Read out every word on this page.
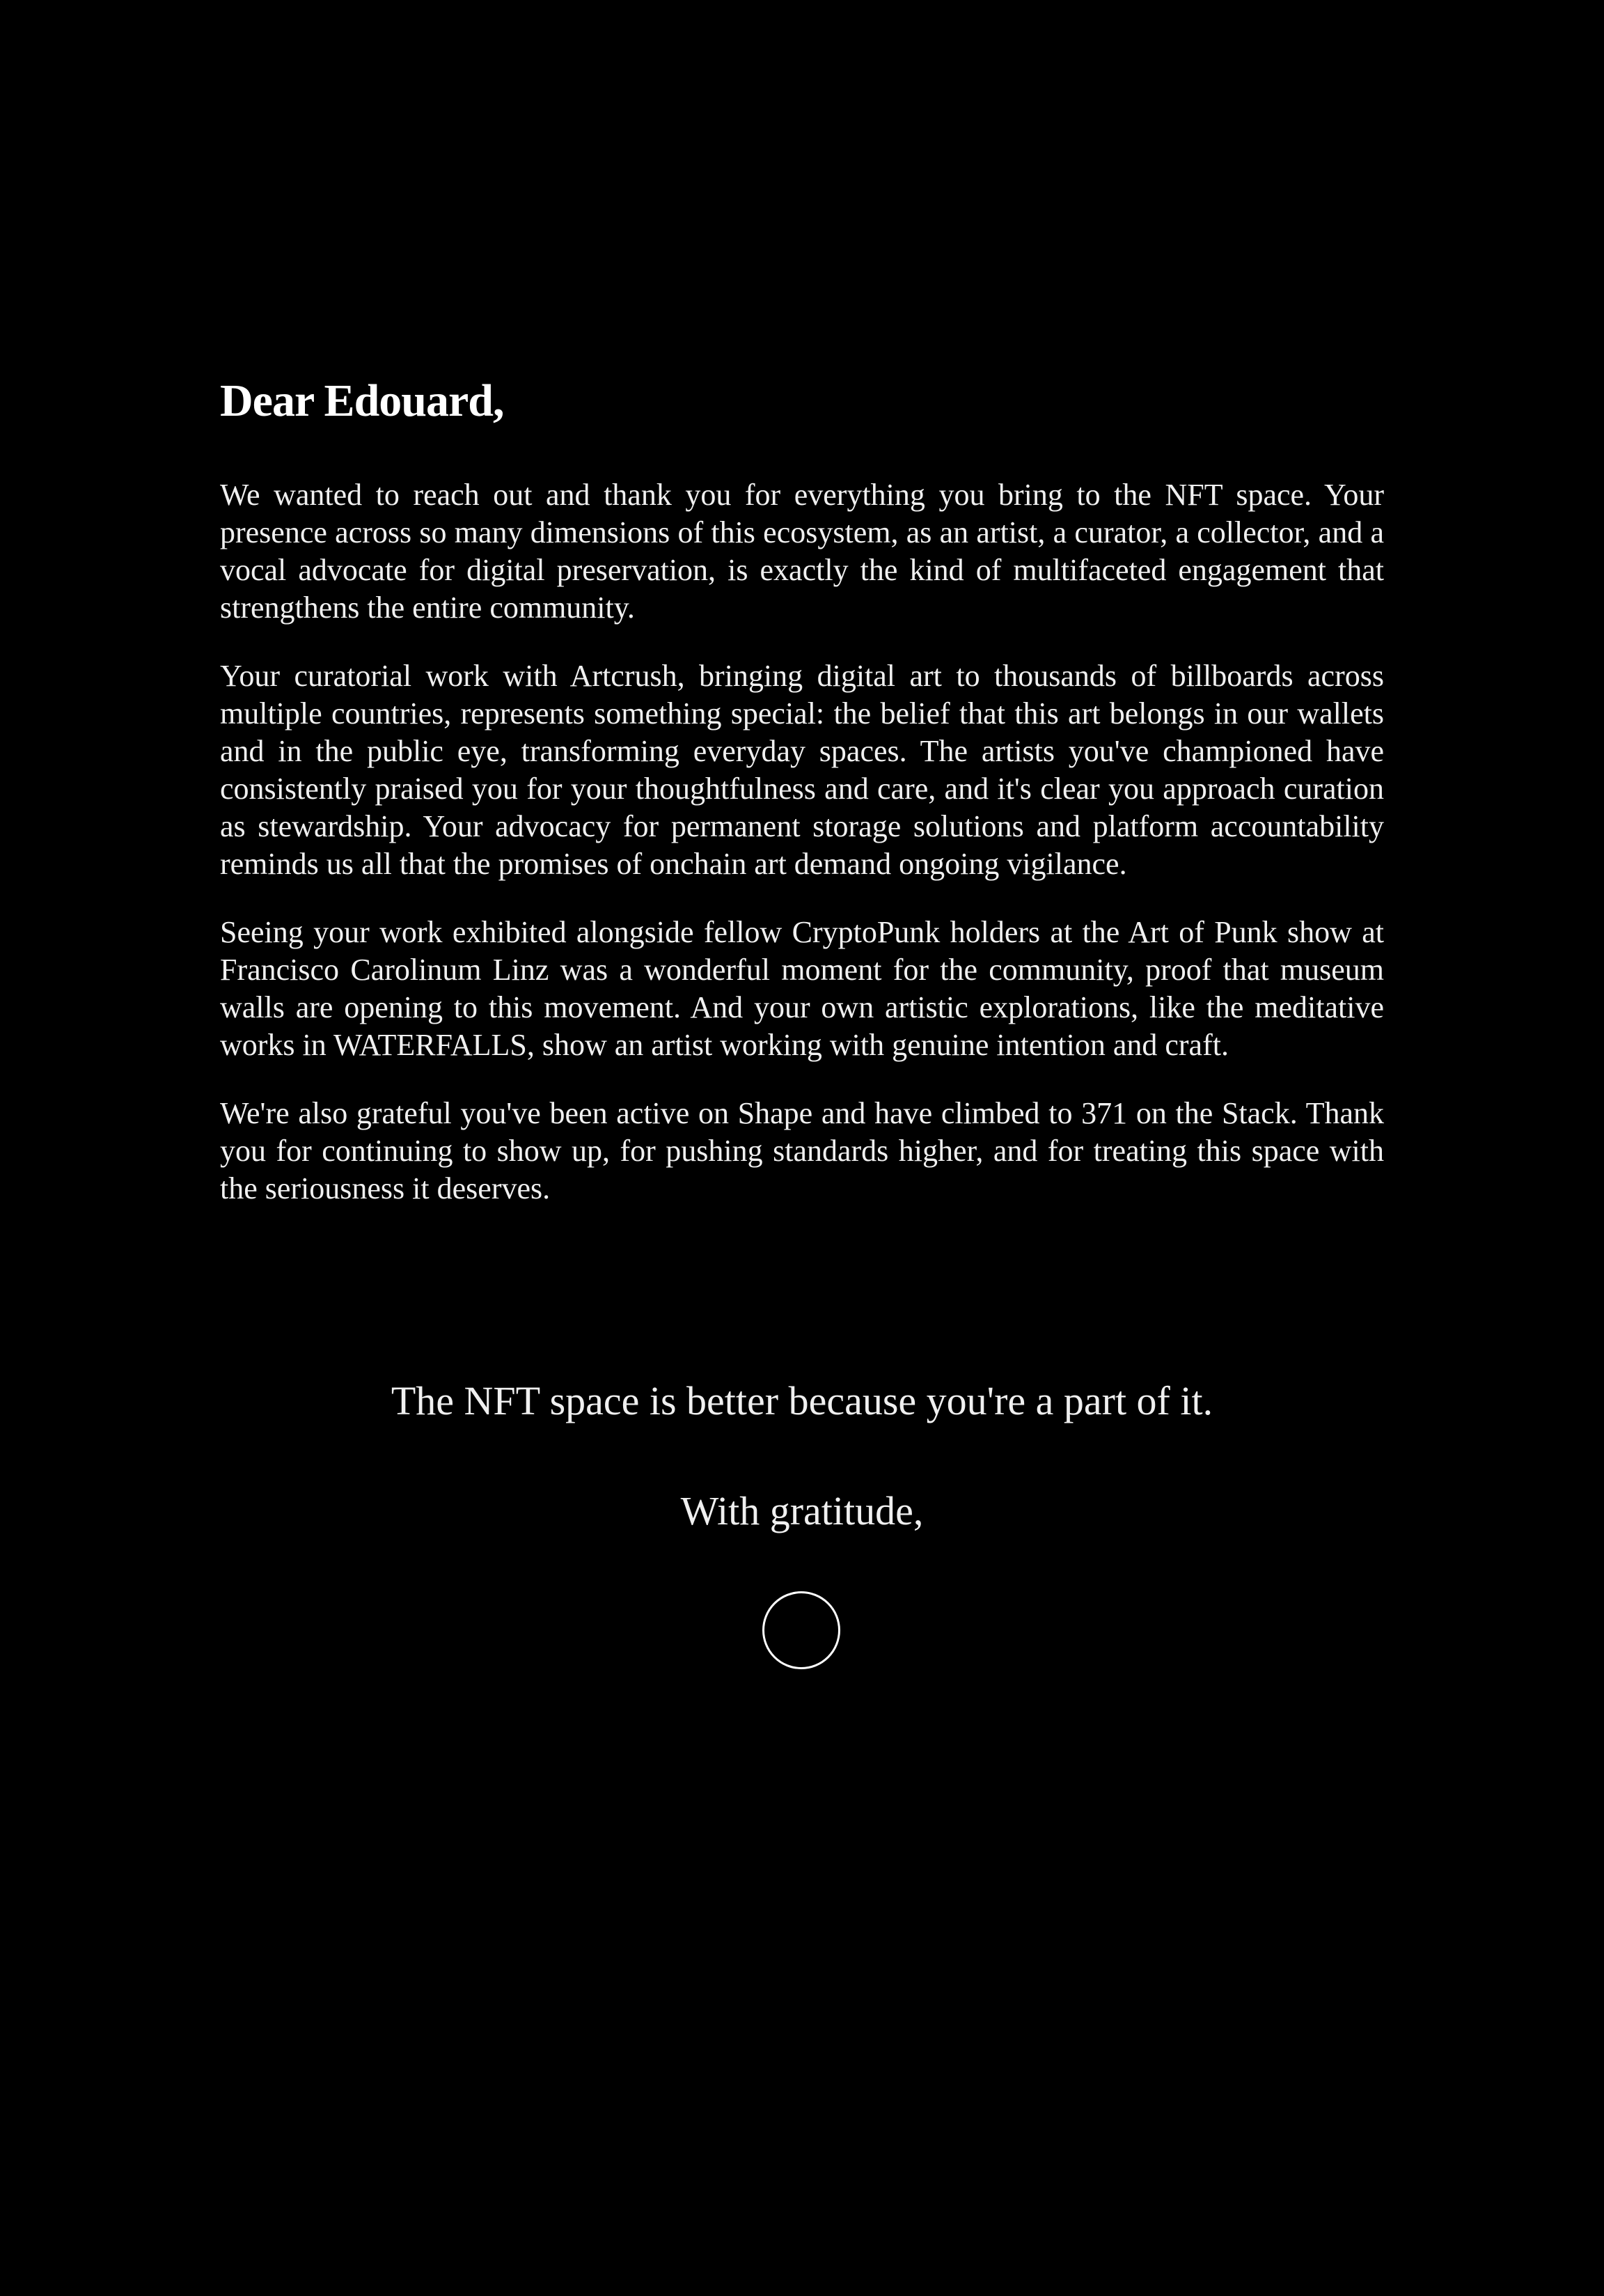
Dear Edouard,

We wanted to reach out and thank you for everything you bring to the NFT space. Your presence across so many dimensions of this ecosystem, as an artist, a curator, a collector, and a vocal advocate for digital preservation, is exactly the kind of multifaceted engagement that strengthens the entire community.

Your curatorial work with Artcrush, bringing digital art to thousands of billboards across multiple countries, represents something special: the belief that this art belongs in our wallets and in the public eye, transforming everyday spaces. The artists you've championed have consistently praised you for your thoughtfulness and care, and it's clear you approach curation as stewardship. Your advocacy for permanent storage solutions and platform accountability reminds us all that the promises of onchain art demand ongoing vigilance.

Seeing your work exhibited alongside fellow CryptoPunk holders at the Art of Punk show at Francisco Carolinum Linz was a wonderful moment for the community, proof that museum walls are opening to this movement. And your own artistic explorations, like the meditative works in WATERFALLS, show an artist working with genuine intention and craft.

We're also grateful you've been active on Shape and have climbed to 371 on the Stack. Thank you for continuing to show up, for pushing standards higher, and for treating this space with the seriousness it deserves.

The NFT space is better because you're a part of it.
With gratitude,
